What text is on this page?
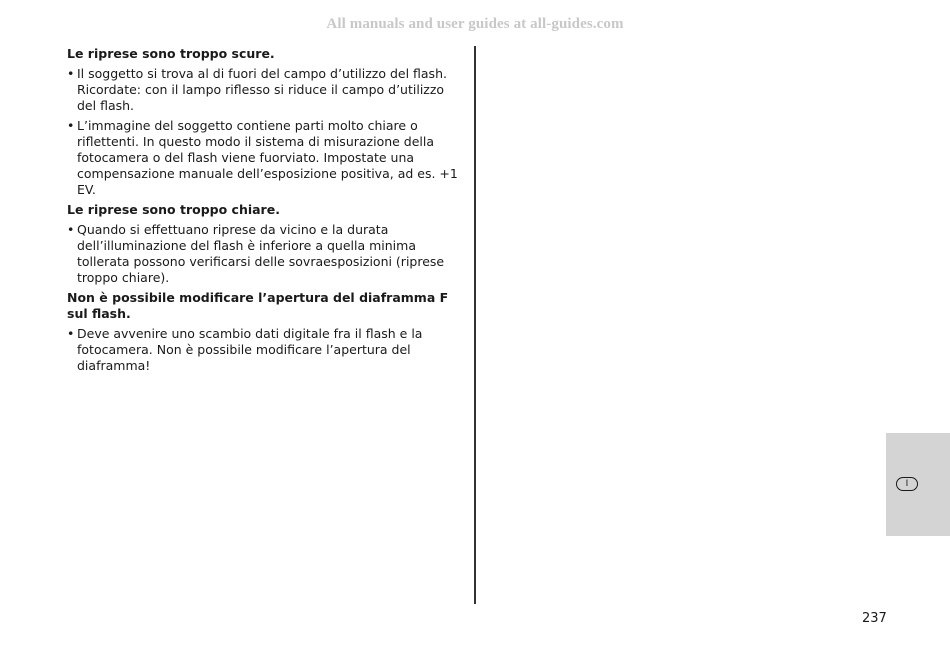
All manuals and user guides at all-guides.com
Le riprese sono troppo scure.
• Il soggetto si trova al di fuori del campo d’utilizzo del flash. Ricordate: con il lampo riflesso si riduce il campo d’utilizzo del flash.
• L’immagine del soggetto contiene parti molto chiare o riflettenti. In questo modo il sistema di misurazione della fotocamera o del flash viene fuorviato. Impostate una compensazione manuale dell’esposizione positiva, ad es. +1 EV.
Le riprese sono troppo chiare.
• Quando si effettuano riprese da vicino e la durata dell’illuminazione del flash è inferiore a quella minima tollerata possono verificarsi delle sovraesposizioni (riprese troppo chiare).
Non è possibile modificare l’apertura del diaframma F sul flash.
• Deve avvenire uno scambio dati digitale fra il flash e la fotocamera. Non è possibile modificare l’apertura del diaframma!
I
237
